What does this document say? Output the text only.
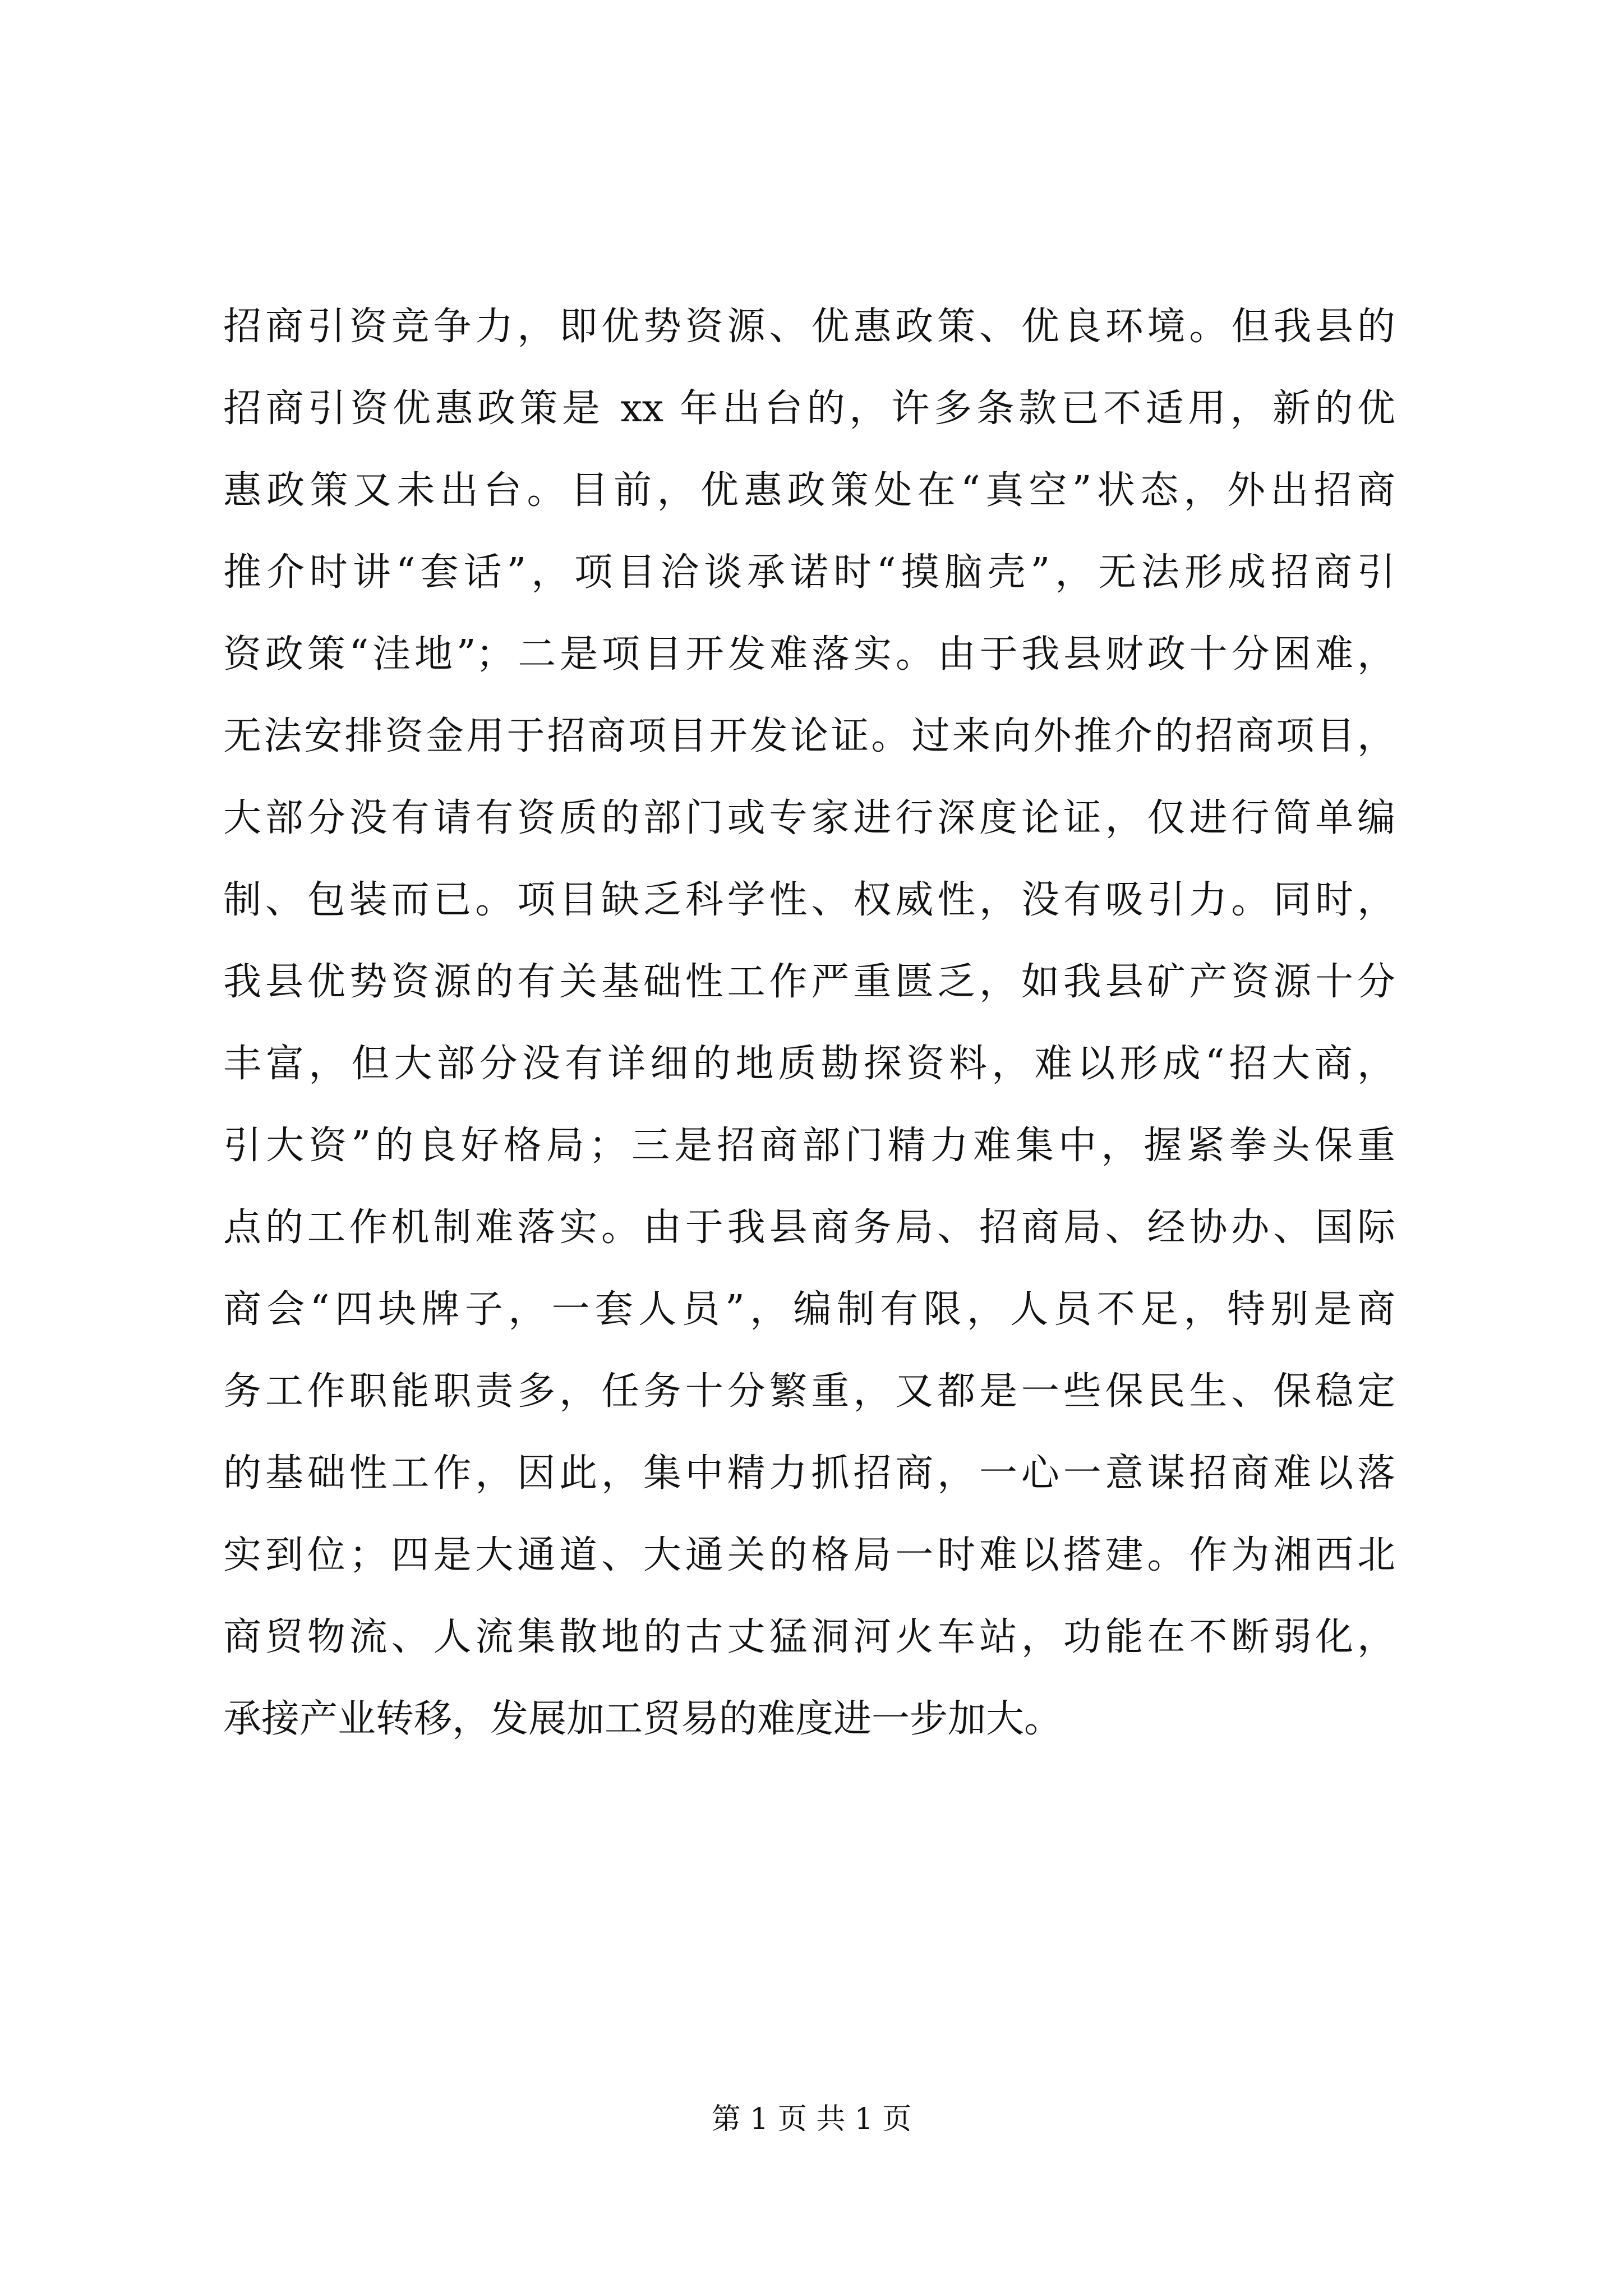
招商引资竞争力，即优势资源、优惠政策、优良环境。但我县的
招商引资优惠政策是 xx 年出台的，许多条款已不适用，新的优
惠政策又未出台。目前，优惠政策处在“真空”状态，外出招商
推介时讲“套话”，项目洽谈承诺时“摸脑壳”，无法形成招商引
资政策“洼地”；二是项目开发难落实。由于我县财政十分困难，
无法安排资金用于招商项目开发论证。过来向外推介的招商项目，
大部分没有请有资质的部门或专家进行深度论证，仅进行简单编
制、包装而已。项目缺乏科学性、权威性，没有吸引力。同时，
我县优势资源的有关基础性工作严重匮乏，如我县矿产资源十分
丰富，但大部分没有详细的地质勘探资料，难以形成“招大商，
引大资”的良好格局；三是招商部门精力难集中，握紧拳头保重
点的工作机制难落实。由于我县商务局、招商局、经协办、国际
商会“四块牌子，一套人员”，编制有限，人员不足，特别是商
务工作职能职责多，任务十分繁重，又都是一些保民生、保稳定
的基础性工作，因此，集中精力抓招商，一心一意谋招商难以落
实到位；四是大通道、大通关的格局一时难以搭建。作为湘西北
商贸物流、人流集散地的古丈猛洞河火车站，功能在不断弱化，
承接产业转移，发展加工贸易的难度进一步加大。
第 1 页 共 1 页
